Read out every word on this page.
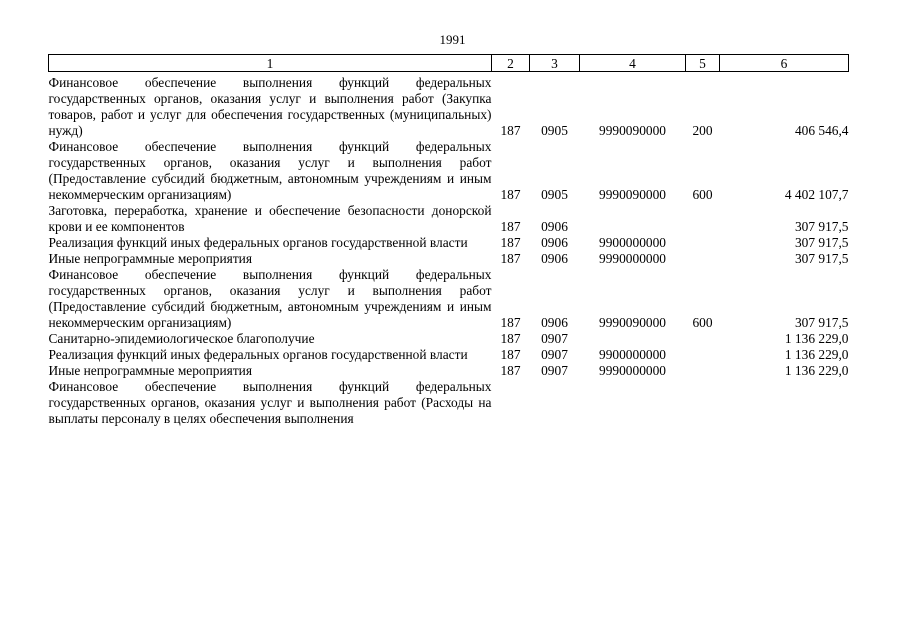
1991
1	2	3	4	5	6
Финансовое обеспечение выполнения функций федеральных государственных органов, оказания услуг и выполнения работ (Закупка товаров, работ и услуг для обеспечения государственных (муниципальных) нужд)	187	0905	9990090000	200	406 546,4
Финансовое обеспечение выполнения функций федеральных государственных органов, оказания услуг и выполнения работ (Предоставление субсидий бюджетным, автономным учреждениям и иным некоммерческим организациям)	187	0905	9990090000	600	4 402 107,7
Заготовка, переработка, хранение и обеспечение безопасности донорской крови и ее компонентов	187	0906			307 917,5
Реализация функций иных федеральных органов государственной власти	187	0906	9900000000		307 917,5
Иные непрограммные мероприятия	187	0906	9990000000		307 917,5
Финансовое обеспечение выполнения функций федеральных государственных органов, оказания услуг и выполнения работ (Предоставление субсидий бюджетным, автономным учреждениям и иным некоммерческим организациям)	187	0906	9990090000	600	307 917,5
Санитарно-эпидемиологическое благополучие	187	0907			1 136 229,0
Реализация функций иных федеральных органов государственной власти	187	0907	9900000000		1 136 229,0
Иные непрограммные мероприятия	187	0907	9990000000		1 136 229,0
Финансовое обеспечение выполнения функций федеральных государственных органов, оказания услуг и выполнения работ (Расходы на выплаты персоналу в целях обеспечения выполнения					
